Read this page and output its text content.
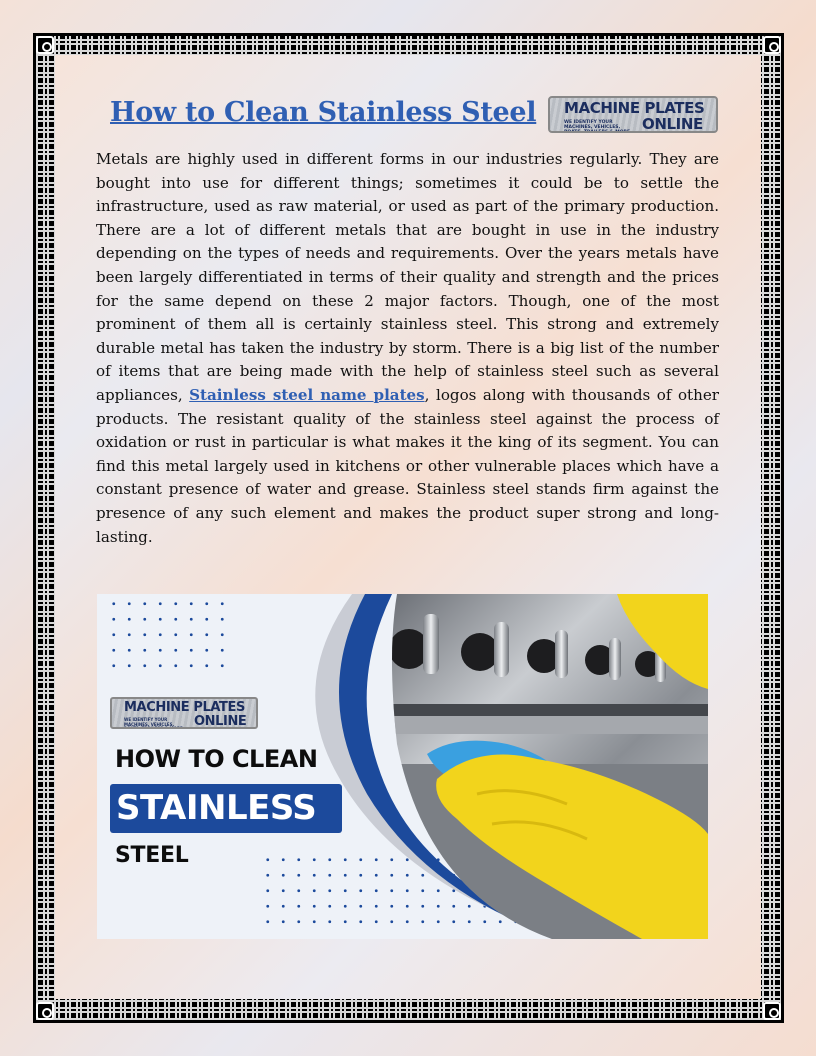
How to Clean Stainless Steel MACHINE PLATES
WE IDENTIFY YOUR MACHINES, VEHICLES, BOATS, TRAILERS & MORE ONLINE

Metals are highly used in different forms in our industries regularly. They are bought into use for different things; sometimes it could be to settle the infrastructure, used as raw material, or used as part of the primary production. There are a lot of different metals that are bought in use in the industry depending on the types of needs and requirements. Over the years metals have been largely differentiated in terms of their quality and strength and the prices for the same depend on these 2 major factors. Though, one of the most prominent of them all is certainly stainless steel. This strong and extremely durable metal has taken the industry by storm. There is a big list of the number of items that are being made with the help of stainless steel such as several appliances, Stainless steel name plates, logos along with thousands of other products. The resistant quality of the stainless steel against the process of oxidation or rust in particular is what makes it the king of its segment. You can find this metal largely used in kitchens or other vulnerable places which have a constant presence of water and grease. Stainless steel stands firm against the presence of any such element and makes the product super strong and long-lasting.

MACHINE PLATES
WE IDENTIFY YOUR MACHINES, VEHICLES, BOATS, TRAILERS & MORE ONLINE
HOW TO CLEAN
STAINLESS
STEEL
